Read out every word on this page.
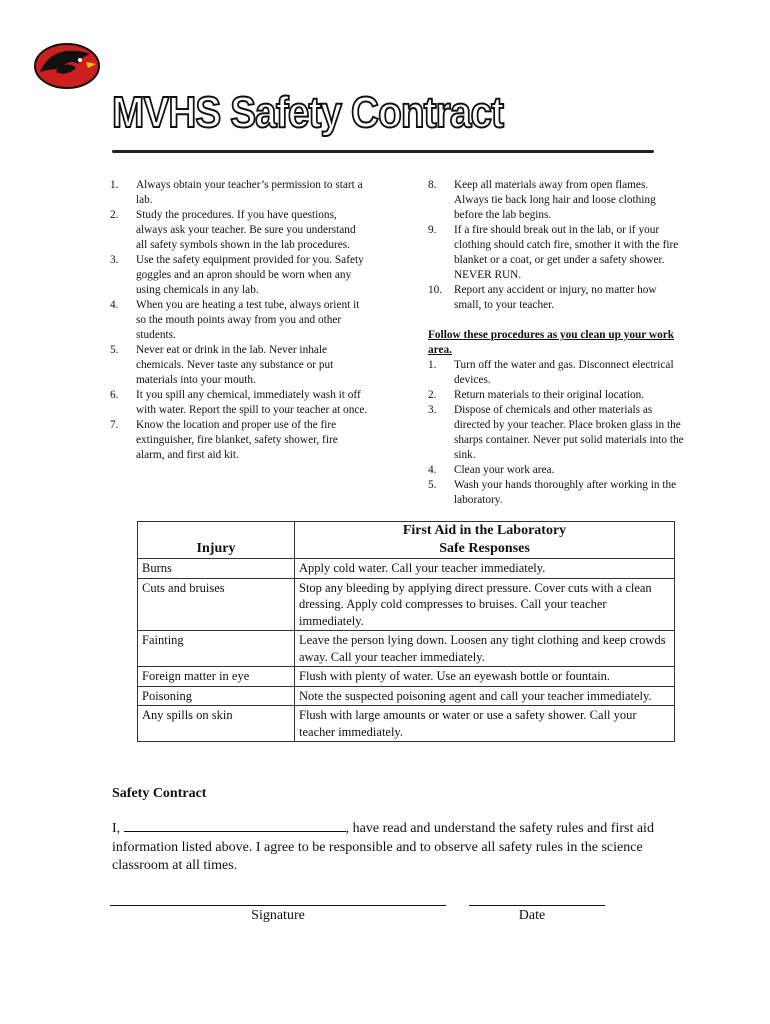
MVHS Safety Contract
1.	Always obtain your teacher’s permission to start a lab.
2.	Study the procedures. If you have questions, always ask your teacher. Be sure you understand all safety symbols shown in the lab procedures.
3.	Use the safety equipment provided for you. Safety goggles and an apron should be worn when any using chemicals in any lab.
4.	When you are heating a test tube, always orient it so the mouth points away from you and other students.
5.	Never eat or drink in the lab. Never inhale chemicals. Never taste any substance or put materials into your mouth.
6.	It you spill any chemical, immediately wash it off with water. Report the spill to your teacher at once.
7.	Know the location and proper use of the fire extinguisher, fire blanket, safety shower, fire alarm, and first aid kit.
8.	Keep all materials away from open flames. Always tie back long hair and loose clothing before the lab begins.
9.	If a fire should break out in the lab, or if your clothing should catch fire, smother it with the fire blanket or a coat, or get under a safety shower. NEVER RUN.
10.	Report any accident or injury, no matter how small, to your teacher.
Follow these procedures as you clean up your work area.
1.	Turn off the water and gas. Disconnect electrical devices.
2.	Return materials to their original location.
3.	Dispose of chemicals and other materials as directed by your teacher. Place broken glass in the sharps container. Never put solid materials into the sink.
4.	Clean your work area.
5.	Wash your hands thoroughly after working in the laboratory.
Injury	First Aid in the Laboratory
	Safe Responses
Burns	Apply cold water. Call your teacher immediately.
Cuts and bruises	Stop any bleeding by applying direct pressure. Cover cuts with a clean dressing. Apply cold compresses to bruises. Call your teacher immediately.
Fainting	Leave the person lying down. Loosen any tight clothing and keep crowds away. Call your teacher immediately.
Foreign matter in eye	Flush with plenty of water. Use an eyewash bottle or fountain.
Poisoning	Note the suspected poisoning agent and call your teacher immediately.
Any spills on skin	Flush with large amounts or water or use a safety shower. Call your teacher immediately.
Safety Contract
I,	, have read and understand the safety rules and first aid information listed above. I agree to be responsible and to observe all safety rules in the science classroom at all times.
Signature	Date
